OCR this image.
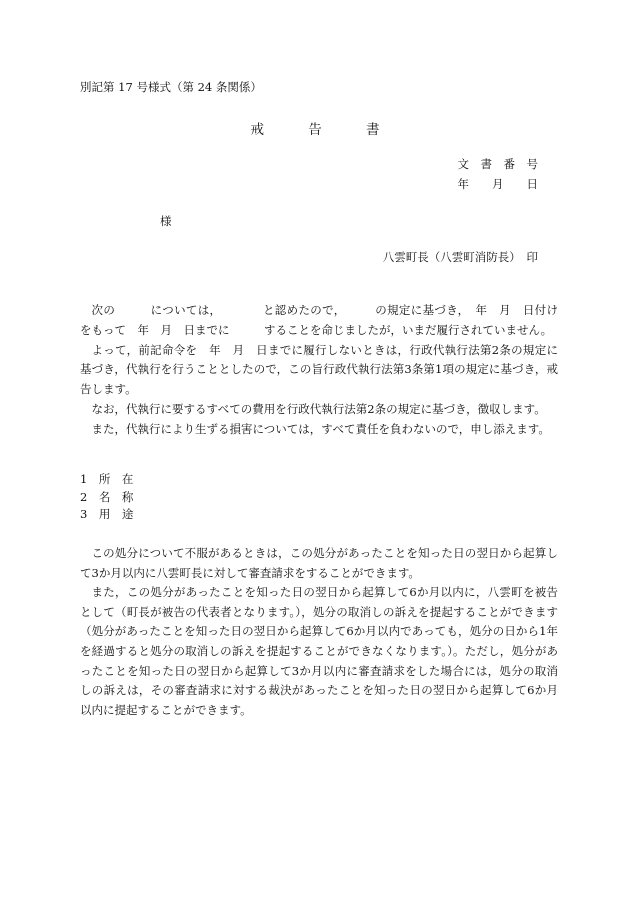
別記第 17 号様式（第 24 条関係）
戒	告	書
文　書　番　号
年　　月　　日
様
八雲町長（八雲町消防長）　印

次の　　　については，　　　　と認めたので，　　　の規定に基づき，　年　月　日付け　　　をもって　年　月　日までに　　　することを命じましたが，いまだ履行されていません。

よって，前記命令を　年　月　日までに履行しないときは，行政代執行法第2条の規定に基づき，代執行を行うこととしたので，この旨行政代執行法第3条第1項の規定に基づき，戒告します。

なお，代執行に要するすべての費用を行政代執行法第2条の規定に基づき，徴収します。

また，代執行により生ずる損害については，すべて責任を負わないので，申し添えます。

1　 所　在
2　 名　称
3　 用　途

この処分について不服があるときは，この処分があったことを知った日の翌日から起算して3か月以内に八雲町長に対して審査請求をすることができます。

また，この処分があったことを知った日の翌日から起算して6か月以内に，八雲町を被告として（町長が被告の代表者となります。），処分の取消しの訴えを提起することができます（処分があったことを知った日の翌日から起算して6か月以内であっても，処分の日から1年を経過すると処分の取消しの訴えを提起することができなくなります。）。ただし，処分があったことを知った日の翌日から起算して3か月以内に審査請求をした場合には，処分の取消しの訴えは，その審査請求に対する裁決があったことを知った日の翌日から起算して6か月以内に提起することができます。
